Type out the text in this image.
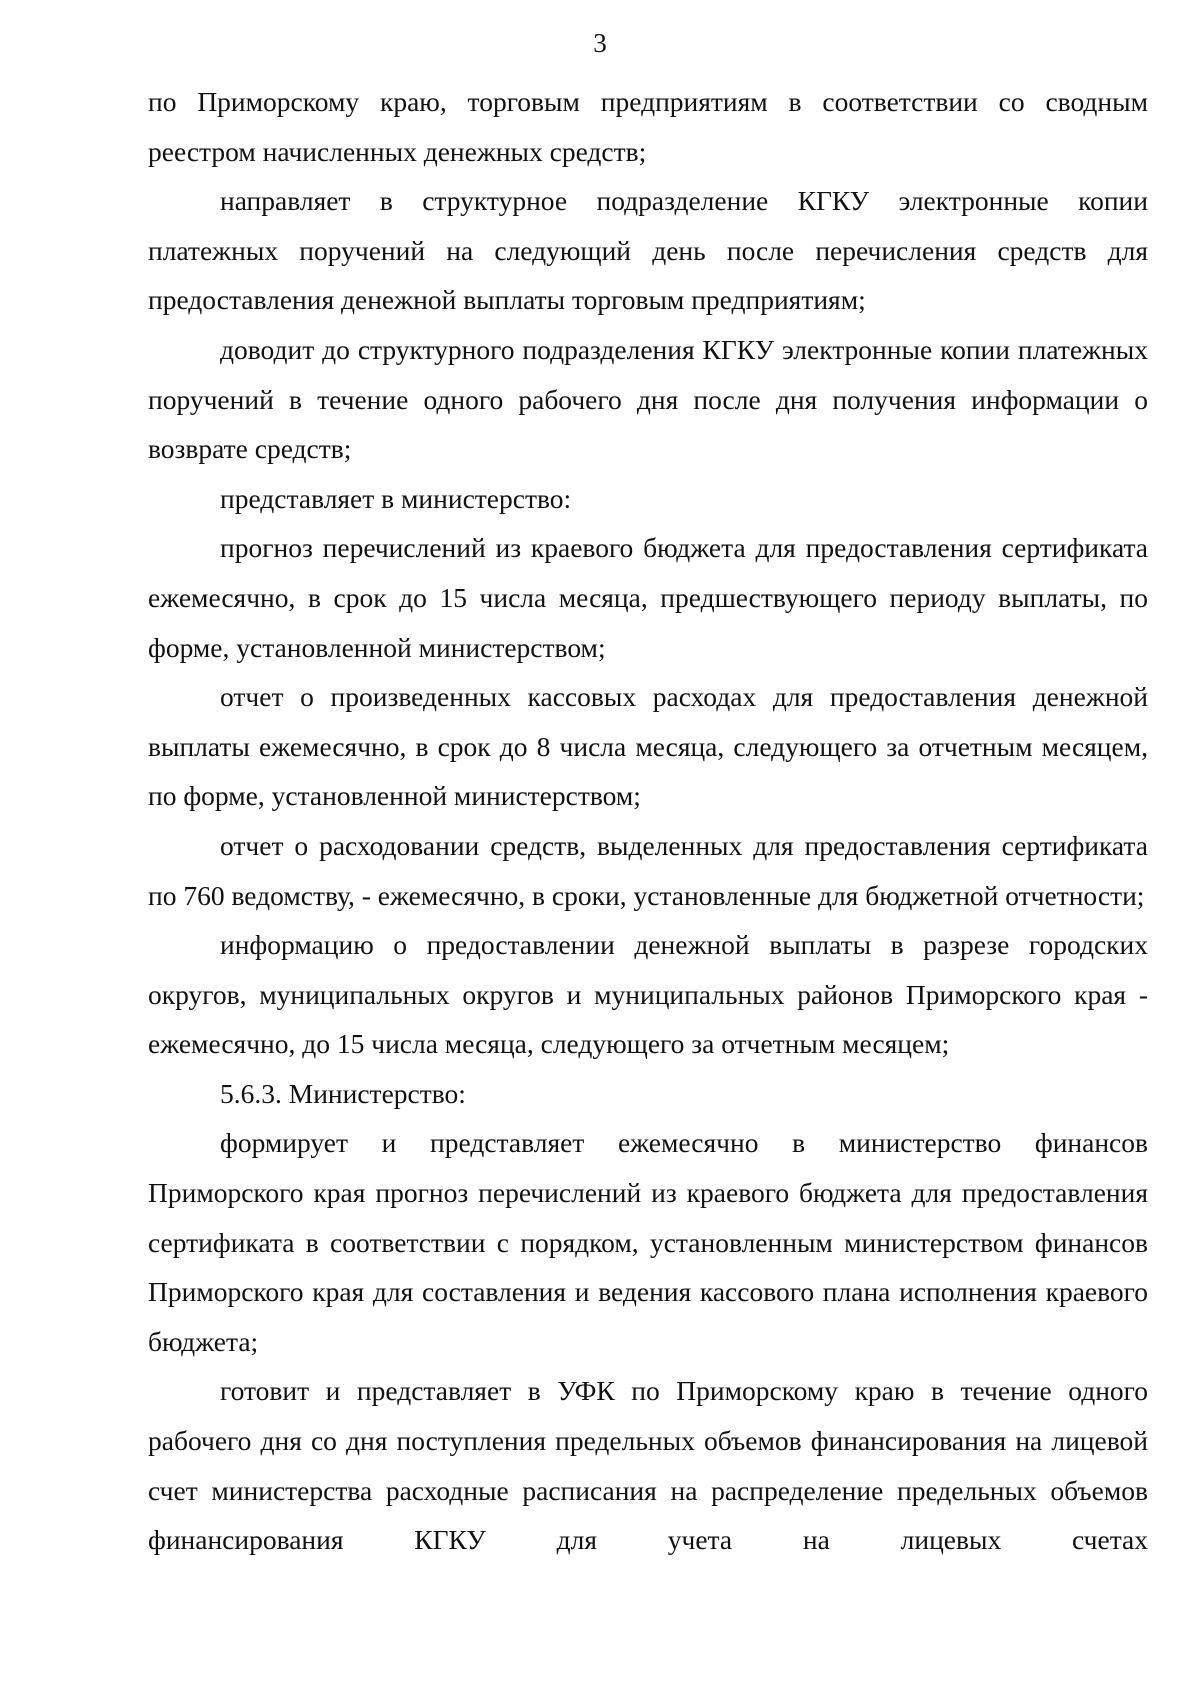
3

по Приморскому краю, торговым предприятиям в соответствии со сводным реестром начисленных денежных средств;

направляет в структурное подразделение КГКУ электронные копии платежных поручений на следующий день после перечисления средств для предоставления денежной выплаты торговым предприятиям;

доводит до структурного подразделения КГКУ электронные копии платежных поручений в течение одного рабочего дня после дня получения информации о возврате средств;

представляет в министерство:

прогноз перечислений из краевого бюджета для предоставления сертификата ежемесячно, в срок до 15 числа месяца, предшествующего периоду выплаты, по форме, установленной министерством;

отчет о произведенных кассовых расходах для предоставления денежной выплаты ежемесячно, в срок до 8 числа месяца, следующего за отчетным месяцем, по форме, установленной министерством;

отчет о расходовании средств, выделенных для предоставления сертификата по 760 ведомству, - ежемесячно, в сроки, установленные для бюджетной отчетности;

информацию о предоставлении денежной выплаты в разрезе городских округов, муниципальных округов и муниципальных районов Приморского края - ежемесячно, до 15 числа месяца, следующего за отчетным месяцем;

5.6.3. Министерство:

формирует и представляет ежемесячно в министерство финансов Приморского края прогноз перечислений из краевого бюджета для предоставления сертификата в соответствии с порядком, установленным министерством финансов Приморского края для составления и ведения кассового плана исполнения краевого бюджета;

готовит и представляет в УФК по Приморскому краю в течение одного рабочего дня со дня поступления предельных объемов финансирования на лицевой счет министерства расходные расписания на распределение предельных объемов финансирования КГКУ для учета на лицевых счетах
